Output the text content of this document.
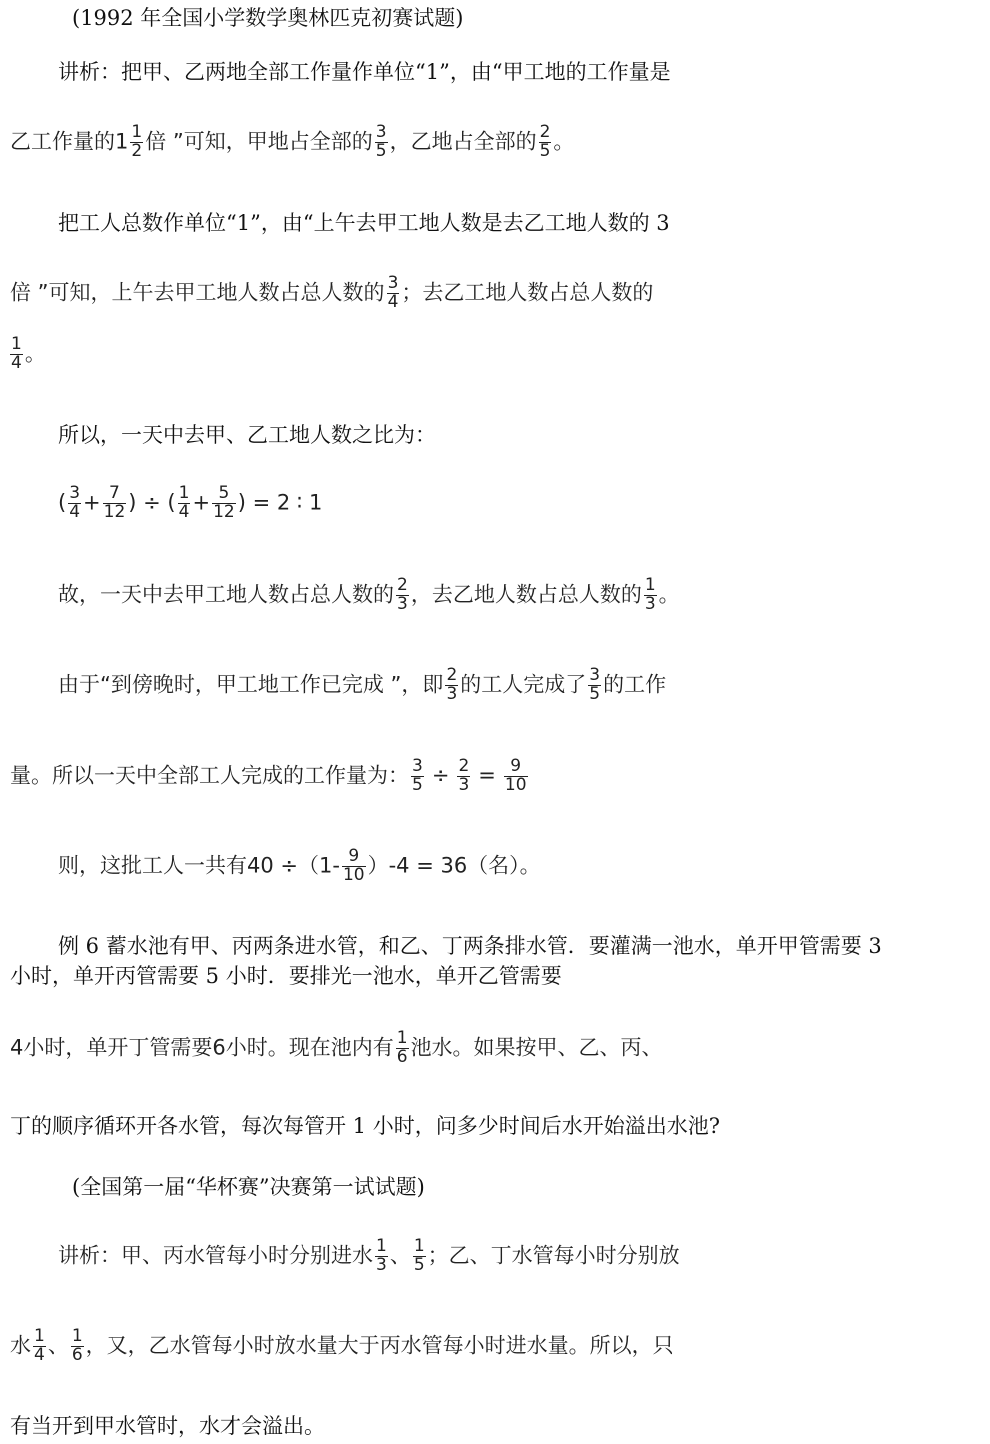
(1992 年全国小学数学奥林匹克初赛试题)
讲析：把甲、乙两地全部工作量作单位“1”，由“甲工地的工作量是
乙工作量的$1 \frac{1}{2}$ 倍 ”可知，甲地占全部的 $\frac{3}{5}$ ，乙地占全部的 $\frac{2}{5}$ 。
把工人总数作单位“1”，由“上午去甲工地人数是去乙工地人数的 3
倍 ”可知，上午去甲工地人数占总人数的 $\frac{3}{4}$ ；去乙工地人数占总人数的
$\frac{1}{4}$ 。
所以，一天中去甲、乙工地人数之比为：
( $\frac{3}{4} + \frac{7}{12}$ ) ÷ ( $\frac{1}{4} + \frac{5}{12}$ ) = 2 ∶ 1
故，一天中去甲工地人数占总人数的 $\frac{2}{3}$ ，去乙地人数占总人数的 $\frac{1}{3}$ 。
由于“到傍晚时，甲工地工作已完成 ”，即 $\frac{2}{3}$ 的工人完成了 $\frac{3}{5}$ 的工作
量。所以一天中全部工人完成的工作量为： $\frac{3}{5} \div \frac{2}{3} = \frac{9}{10}$
则，这批工人一共有$40 \div(1- \frac{9}{10} )-4 = 36$（名）。
例 6 蓄水池有甲、丙两条进水管，和乙、丁两条排水管．要灌满一池水，单开甲管需要 3
小时，单开丙管需要 5 小时．要排光一池水，单开乙管需要
4小时，单开丁管需要6小时。现在池内有 $\frac{1}{6}$ 池水。如果按甲、乙、丙、
丁的顺序循环开各水管，每次每管开 1 小时，问多少时间后水开始溢出水池?
(全国第一届“华杯赛”决赛第一试试题)
讲析：甲、丙水管每小时分别进水 $\frac{1}{3}$ 、 $\frac{1}{5}$ ；乙、丁水管每小时分别放
水 $\frac{1}{4}$ 、 $\frac{1}{6}$ ，又，乙水管每小时放水量大于丙水管每小时进水量。所以，只
有当开到甲水管时，水才会溢出。
